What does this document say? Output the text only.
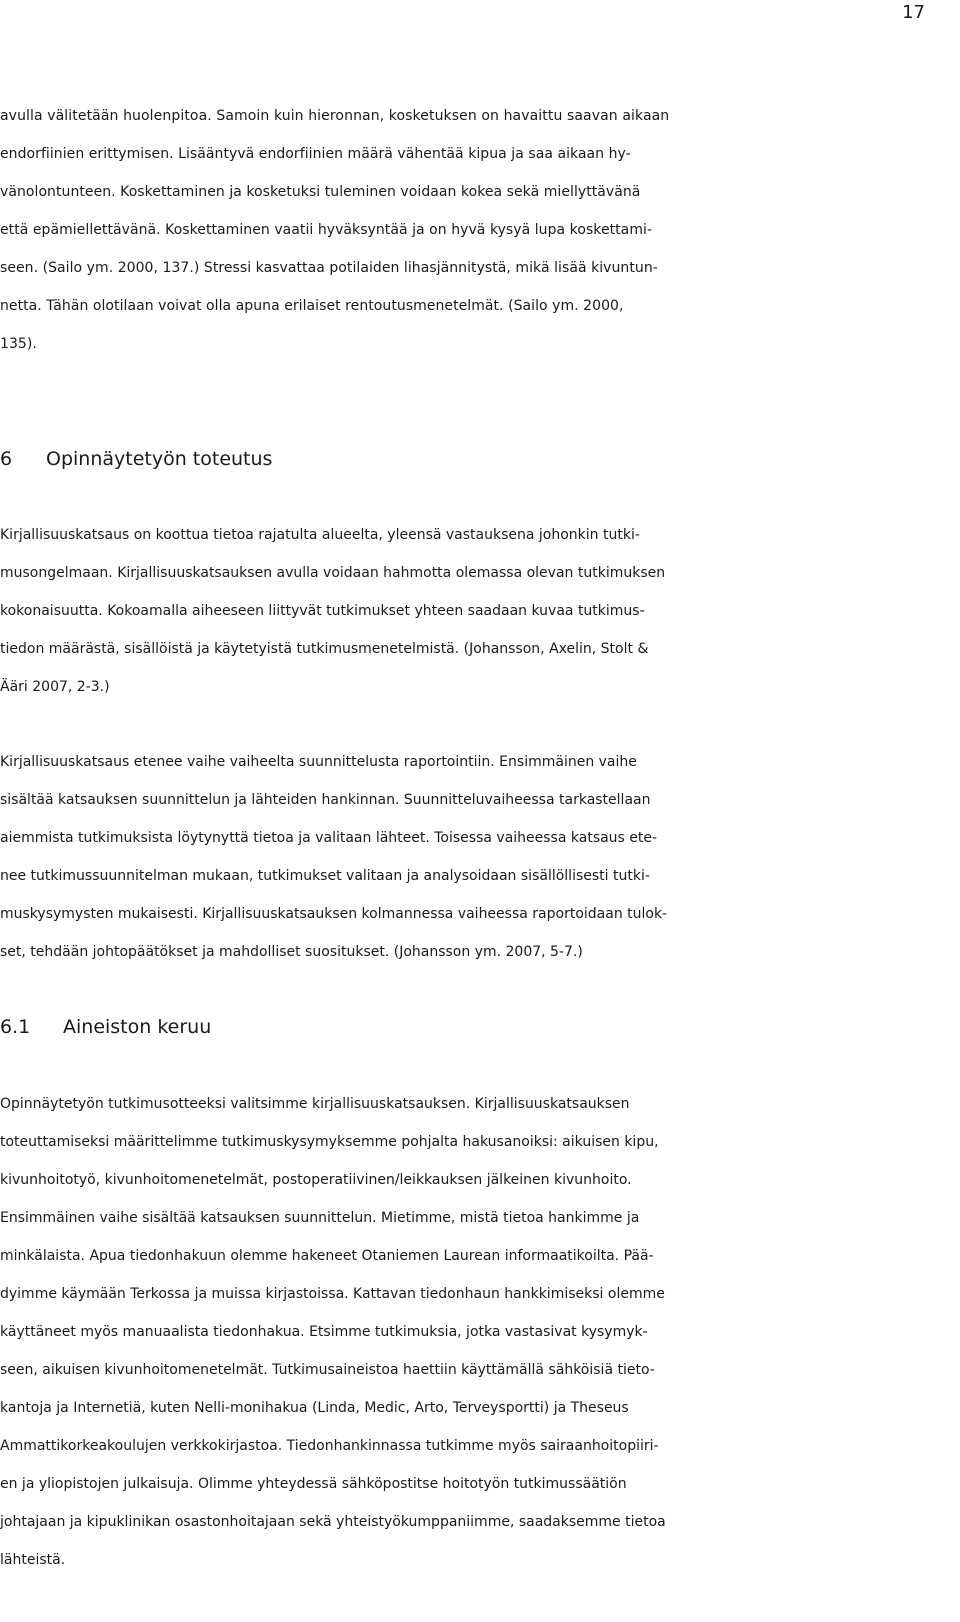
17
avulla välitetään huolenpitoa. Samoin kuin hieronnan, kosketuksen on havaittu saavan aikaan
endorfiinien erittymisen. Lisääntyvä endorfiinien määrä vähentää kipua ja saa aikaan hy-
vänolontunteen. Koskettaminen ja kosketuksi tuleminen voidaan kokea sekä miellyttävänä
että epämiellettävänä. Koskettaminen vaatii hyväksyntää ja on hyvä kysyä lupa koskettami-
seen. (Sailo ym. 2000, 137.) Stressi kasvattaa potilaiden lihasjännitystä, mikä lisää kivuntun-
netta. Tähän olotilaan voivat olla apuna erilaiset rentoutusmenetelmät. (Sailo ym. 2000,
135).
6 Opinnäytetyön toteutus
Kirjallisuuskatsaus on koottua tietoa rajatulta alueelta, yleensä vastauksena johonkin tutki-
musongelmaan. Kirjallisuuskatsauksen avulla voidaan hahmotta olemassa olevan tutkimuksen
kokonaisuutta. Kokoamalla aiheeseen liittyvät tutkimukset yhteen saadaan kuvaa tutkimus-
tiedon määrästä, sisällöistä ja käytetyistä tutkimusmenetelmistä. (Johansson, Axelin, Stolt &
Ääri 2007, 2-3.)
Kirjallisuuskatsaus etenee vaihe vaiheelta suunnittelusta raportointiin. Ensimmäinen vaihe
sisältää katsauksen suunnittelun ja lähteiden hankinnan. Suunnitteluvaiheessa tarkastellaan
aiemmista tutkimuksista löytynyttä tietoa ja valitaan lähteet. Toisessa vaiheessa katsaus ete-
nee tutkimussuunnitelman mukaan, tutkimukset valitaan ja analysoidaan sisällöllisesti tutki-
muskysymysten mukaisesti. Kirjallisuuskatsauksen kolmannessa vaiheessa raportoidaan tulok-
set, tehdään johtopäätökset ja mahdolliset suositukset. (Johansson ym. 2007, 5-7.)
6.1 Aineiston keruu
Opinnäytetyön tutkimusotteeksi valitsimme kirjallisuuskatsauksen. Kirjallisuuskatsauksen
toteuttamiseksi määrittelimme tutkimuskysymyksemme pohjalta hakusanoiksi: aikuisen kipu,
kivunhoitotyö, kivunhoitomenetelmät, postoperatiivinen/leikkauksen jälkeinen kivunhoito.
Ensimmäinen vaihe sisältää katsauksen suunnittelun. Mietimme, mistä tietoa hankimme ja
minkälaista. Apua tiedonhakuun olemme hakeneet Otaniemen Laurean informaatikoilta. Pää-
dyimme käymään Terkossa ja muissa kirjastoissa. Kattavan tiedonhaun hankkimiseksi olemme
käyttäneet myös manuaalista tiedonhakua. Etsimme tutkimuksia, jotka vastasivat kysymyk-
seen, aikuisen kivunhoitomenetelmät. Tutkimusaineistoa haettiin käyttämällä sähköisiä tieto-
kantoja ja Internetiä, kuten Nelli-monihakua (Linda, Medic, Arto, Terveysportti) ja Theseus
Ammattikorkeakoulujen verkkokirjastoa. Tiedonhankinnassa tutkimme myös sairaanhoitopiiri-
en ja yliopistojen julkaisuja. Olimme yhteydessä sähköpostitse hoitotyön tutkimussäätiön
johtajaan ja kipuklinikan osastonhoitajaan sekä yhteistyökumppaniimme, saadaksemme tietoa
lähteistä.
